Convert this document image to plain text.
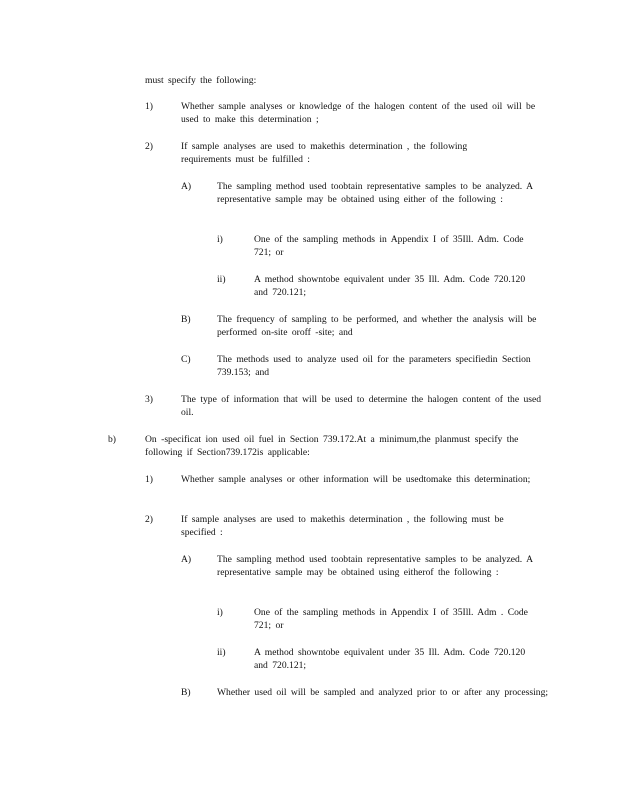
must specify the following:
1)	Whether sample analyses or knowledge of the halogen content of the used oil will be used to make this determination ;
2)	If sample analyses are used to makethis determination , the following requirements must be fulfilled :
A)	The sampling method used toobtain representative samples to be analyzed. A representative sample may be obtained using either of the following :
i)	One of the sampling methods in Appendix I of 35Ill. Adm. Code 721; or
ii)	A method showntobe equivalent under 35 Ill. Adm. Code 720.120 and 720.121;
B)	The frequency of sampling to be performed, and whether the analysis will be performed on-site oroff -site; and
C)	The methods used to analyze used oil for the parameters specifiedin Section 739.153; and
3)	The type of information that will be used to determine the halogen content of the used oil.
b)	On -specificat ion used oil fuel in Section 739.172.At a minimum,the planmust specify the following if Section739.172is applicable:
1)	Whether sample analyses or other information will be usedtomake this determination;
2)	If sample analyses are used to makethis determination , the following must be specified :
A)	The sampling method used toobtain representative samples to be analyzed. A representative sample may be obtained using eitherof the following :
i)	One of the sampling methods in Appendix I of 35Ill. Adm . Code 721; or
ii)	A method showntobe equivalent under 35 Ill. Adm. Code 720.120 and 720.121;
B)	Whether used oil will be sampled and analyzed prior to or after any processing;
